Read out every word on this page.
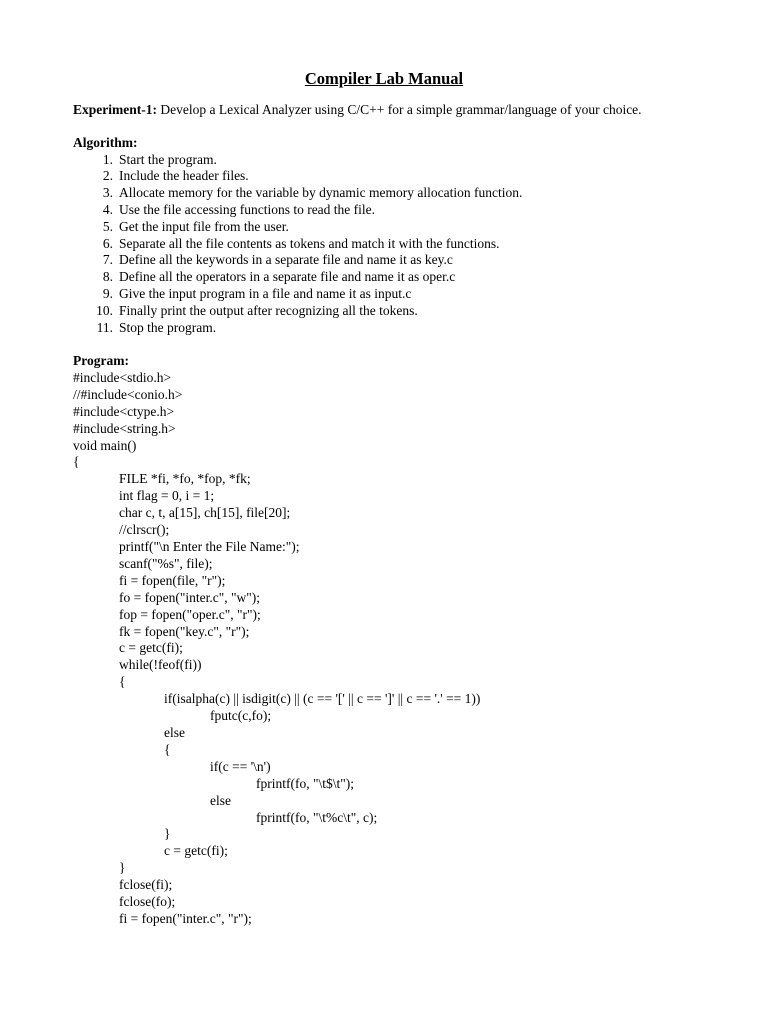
Compiler Lab Manual
Experiment-1: Develop a Lexical Analyzer using C/C++ for a simple grammar/language of your choice.
Algorithm:
1. Start the program.
2. Include the header files.
3. Allocate memory for the variable by dynamic memory allocation function.
4. Use the file accessing functions to read the file.
5. Get the input file from the user.
6. Separate all the file contents as tokens and match it with the functions.
7. Define all the keywords in a separate file and name it as key.c
8. Define all the operators in a separate file and name it as oper.c
9. Give the input program in a file and name it as input.c
10. Finally print the output after recognizing all the tokens.
11. Stop the program.
Program:
#include<stdio.h>
//#include<conio.h>
#include<ctype.h>
#include<string.h>
void main()
{
FILE *fi, *fo, *fop, *fk;
int flag = 0, i = 1;
char c, t, a[15], ch[15], file[20];
//clrscr();
printf("\n Enter the File Name:");
scanf("%s", file);
fi = fopen(file, "r");
fo = fopen("inter.c", "w");
fop = fopen("oper.c", "r");
fk = fopen("key.c", "r");
c = getc(fi);
while(!feof(fi))
{
if(isalpha(c) || isdigit(c) || (c == '[' || c == ']' || c == '.' == 1))
fputc(c,fo);
else
{
if(c == '\n')
fprintf(fo, "\t$\t");
else
fprintf(fo, "\t%c\t", c);
}
c = getc(fi);
}
fclose(fi);
fclose(fo);
fi = fopen("inter.c", "r");
